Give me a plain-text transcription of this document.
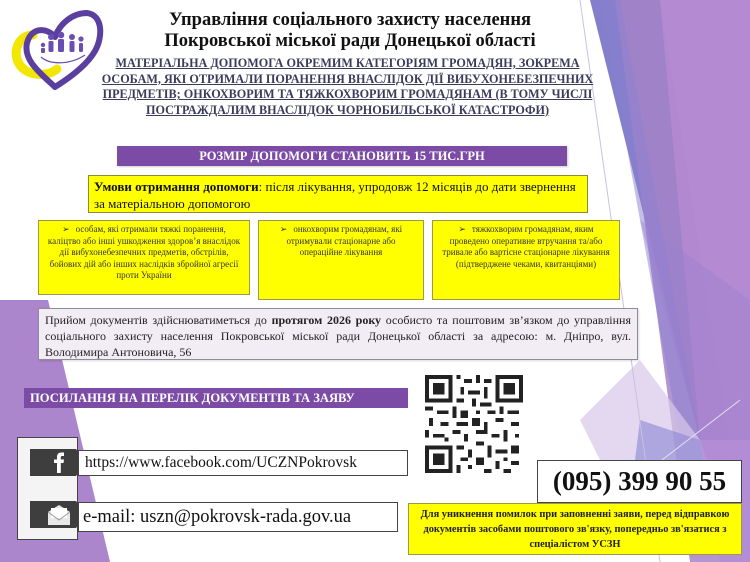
Управління соціального захисту населення
Покровської міської ради Донецької області
МАТЕРІАЛЬНА ДОПОМОГА ОКРЕМИМ КАТЕГОРІЯМ ГРОМАДЯН, ЗОКРЕМА ОСОБАМ, ЯКІ ОТРИМАЛИ ПОРАНЕННЯ ВНАСЛІДОК ДІЇ ВИБУХОНЕБЕЗПЕЧНИХ ПРЕДМЕТІВ; ОНКОХВОРИМ ТА ТЯЖКОХВОРИМ ГРОМАДЯНАМ (В ТОМУ ЧИСЛІ ПОСТРАЖДАЛИМ ВНАСЛІДОК ЧОРНОБИЛЬСЬКОЇ КАТАСТРОФИ)
РОЗМІР ДОПОМОГИ СТАНОВИТЬ 15 ТИС.ГРН
Умови отримання допомоги: після лікування, упродовж 12 місяців до дати звернення за матеріальною допомогою
➢ особам, які отримали тяжкі поранення, каліцтво або інші ушкодження здоров’я внаслідок дії вибухонебезпечних предметів, обстрілів, бойових дій або інших наслідків збройної агресії проти України
➢ онкохворим громадянам, які отримували стаціонарне або операційне лікування
➢ тяжкохворим громадянам, яким проведено оперативне втручання та/або тривале або вартісне стаціонарне лікування (підтверджене чеками, квитанціями)
Прийом документів здійснюватиметься до протягом 2026 року особисто та поштовим зв’язком до управління соціального захисту населення Покровської міської ради Донецької області за адресою: м. Дніпро, вул. Володимира Антоновича, 56
ПОСИЛАННЯ НА ПЕРЕЛІК ДОКУМЕНТІВ ТА ЗАЯВУ
https://www.facebook.com/UCZNPokrovsk
e-mail: uszn@pokrovsk-rada.gov.ua
(095) 399 90 55
Для уникнення помилок при заповненні заяви, перед відправкою документів засобами поштового зв'язку, попередньо зв'язатися з спеціалістом УСЗН
